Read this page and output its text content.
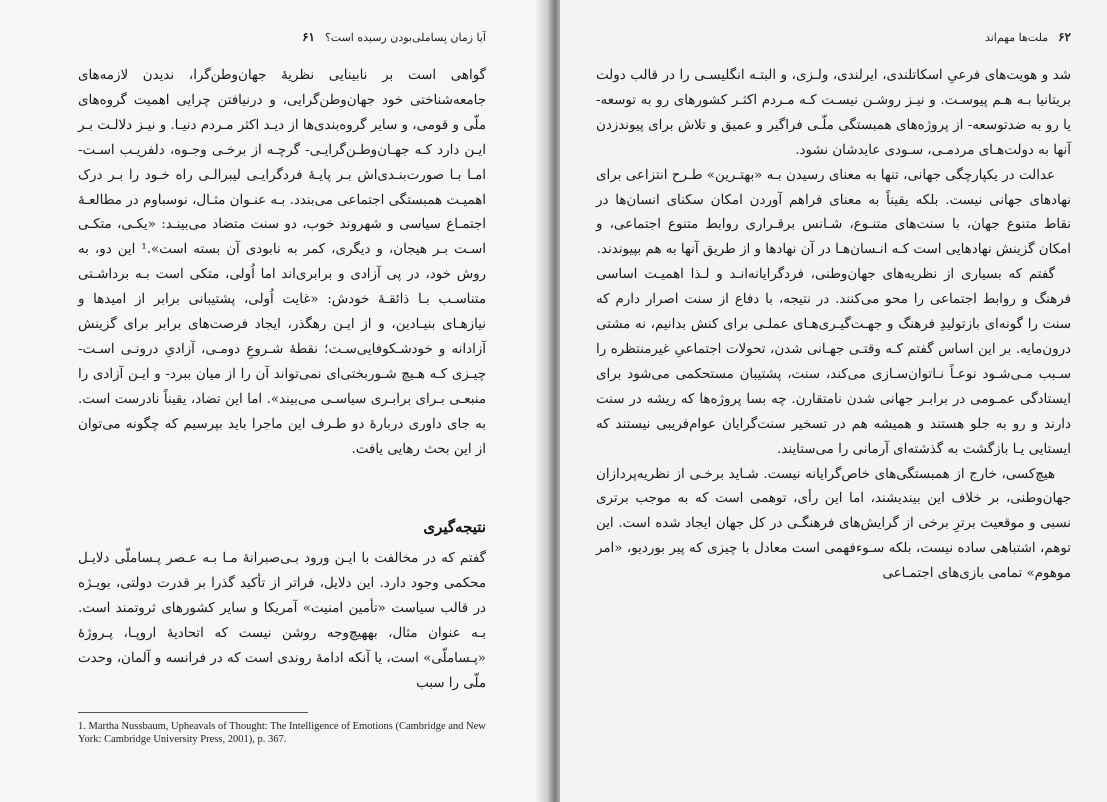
آیا زمان پساملی‌بودن رسیده است؟
۶۱

گواهی است بر نابینایی نظریهٔ جهان‌وطن‌گرا، ندیدن لازمه‌های جامعه‌شناختی خود جهان‌وطن‌گرایی، و درنیافتن چرایی اهمیت گروه‌های ملّی و قومی، و سایر گروه‌بندی‌ها از دیـد اکثر مـردم دنیـا. و نیـز دلالـت بـر ایـن دارد کـه جهـان‌وطـن‌گرایـی- گرچـه از برخـی وجـوه، دلفریـب اسـت- امـا بـا صورت‌بنـدی‌اش بـر پایـهٔ فردگرایـی لیبرالـی راه خـود را بـر درک اهمیـت همبستگی اجتماعی می‌بندد. بـه عنـوان مثـال، نوسباوم در مطالعـهٔ اجتمـاع سیاسی و شهروند خوب، دو سنت متضاد می‌بینـد: «یکـی، متکـی اسـت بـر هیجان، و دیگری، کمر به نابودی آن بسته است».¹ این دو، به روش خود، در پی آزادی و برابری‌اند اما اُولی، متکی است بـه برداشـتی متناسـب بـا ذائقـهٔ خودش: «غایت اُولی، پشتیبانی برابر از امیدها و نیازهـای بنیـادین، و از ایـن رهگذر، ایجاد فرصت‌های برابر برای گزینش آزادانه و خودشـکوفایی‌سـت؛ نقطهٔ شـروعِ دومـی، آزادیِ درونـی اسـت- چیـزی کـه هـیچ شـوربختی‌ای نمی‌تواند آن را از میان ببرد- و ایـن آزادی را منبعـی بـرای برابـری سیاسـی می‌بیند». اما این تضاد، یقیناً نادرست است. به جای داوری دربارهٔ دو طـرف این ماجرا باید بپرسیم که چگونه می‌توان از این بحث رهایی یافت.

نتیجه‌گیری
گفتم که در مخالفت با ایـن ورود بـی‌صبرانهٔ مـا بـه عـصر پـساملّی دلایـل محکمی وجود دارد. این دلایل، فراتر از تأکید گذرا بر قدرت دولتی، بویـژه در قالب سیاست «تأمین امنیت» آمریکا و سایر کشورهای ثروتمند است. بـه عنوان مثال، بههیچ‌وجه روشن نیست که اتحادیهٔ اروپـا، پـروژهٔ «پـساملّی» است، یا آنکه ادامهٔ روندی است که در فرانسه و آلمان، وحدت ملّی را سبب
1. Martha Nussbaum, Upheavals of Thought: The Intelligence of Emotions (Cambridge and New York: Cambridge University Press, 2001), p. 367.
۶۲
ملت‌ها مهم‌اند

شد و هویت‌های فرعیِ اسکاتلندی، ایرلندی، ولـزی، و البتـه انگلیسـی را در قالب دولت بریتانیا بـه هـم پیوسـت. و نیـز روشـن نیسـت کـه مـردم اکثـر کشورهای رو به توسعه- یا رو به ضدتوسعه- از پروژه‌های همبستگی ملّـی فراگیر و عمیق و تلاش برای پیوندزدن آنها به دولت‌هـای مردمـی، سـودی عایدشان نشود.

عدالت در یکپارچگی جهانی، تنها به معنای رسیدن بـه «بهتـرین» طـرح انتزاعی برای نهادهای جهانی نیست. بلکه یقیناً به معنای فراهم آوردن امکان سکنای انسان‌ها در نقاط متنوع جهان، با سنت‌های متنـوع، شـانس برقـراری روابط متنوع اجتماعی، و امکان گزینش نهادهایی است کـه انـسان‌هـا در آن نهادها و از طریق آنها به هم بپیوندند.

گفتم که بسیاری از نظریه‌های جهان‌وطنی، فردگرایانه‌انـد و لـذا اهمیـت اساسی فرهنگ و روابط اجتماعی را محو می‌کنند. در نتیجه، با دفاع از سنت اصرار دارم که سنت را گونه‌ای بازتولیدِ فرهنگ و جهـت‌گیـری‌هـای عملـی برای کنش بدانیم، نه مشتی درون‌مایه. بر این اساس گفتم کـه وقتـی جهـانی شدن، تحولات اجتماعیِ غیرمنتظره را سـبب مـی‌شـود نوعـاً نـاتوان‌سـازی می‌کند، سنت، پشتیبان مستحکمی می‌شود برای ایستادگی عمـومی در برابـر جهانی شدن نامتقارن. چه بسا پروژه‌ها که ریشه در سنت دارند و رو به جلو هستند و همیشه هم در تسخیر سنت‌گرایان عوام‌فریبی نیستند که ایستایی یـا بازگشت به گذشته‌ای آرمانی را می‌ستایند.

هیچ‌کسی، خارج از همبستگی‌های خاص‌گرایانه نیست. شـاید برخـی از نظریه‌پردازان جهان‌وطنی، بر خلاف این بیندیشند، اما این رأی، توهمی است که به موجب برتری نسبی و موقعیت برترِ برخی از گرایش‌های فرهنگـی در کل جهان ایجاد شده است. این توهم، اشتباهی ساده نیست، بلکه سـوءفهمی است معادل با چیزی که پیر بوردیو، «امر موهوم» تمامی بازی‌های اجتمـاعی
